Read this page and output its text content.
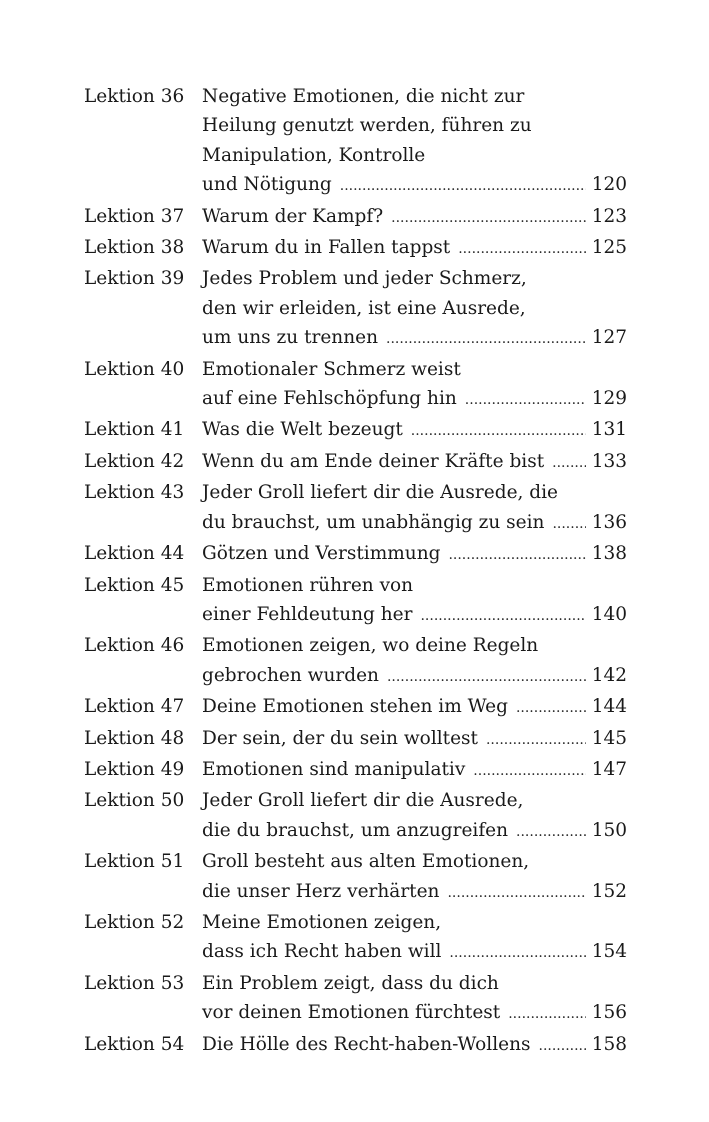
Lektion 36 Negative Emotionen, die nicht zur
Heilung genutzt werden, führen zu
Manipulation, Kontrolle
und Nötigung .....	120
Lektion 37 Warum der Kampf? .....	123
Lektion 38 Warum du in Fallen tappst .....	125
Lektion 39 Jedes Problem und jeder Schmerz,
den wir erleiden, ist eine Ausrede,
um uns zu trennen .....	127
Lektion 40 Emotionaler Schmerz weist
auf eine Fehlschöpfung hin .....	129
Lektion 41 Was die Welt bezeugt .....	131
Lektion 42 Wenn du am Ende deiner Kräfte bist .....	133
Lektion 43 Jeder Groll liefert dir die Ausrede, die
du brauchst, um unabhängig zu sein .....	136
Lektion 44 Götzen und Verstimmung .....	138
Lektion 45 Emotionen rühren von
einer Fehldeutung her .....	140
Lektion 46 Emotionen zeigen, wo deine Regeln
gebrochen wurden .....	142
Lektion 47 Deine Emotionen stehen im Weg .....	144
Lektion 48 Der sein, der du sein wolltest .....	145
Lektion 49 Emotionen sind manipulativ .....	147
Lektion 50 Jeder Groll liefert dir die Ausrede,
die du brauchst, um anzugreifen .....	150
Lektion 51 Groll besteht aus alten Emotionen,
die unser Herz verhärten .....	152
Lektion 52 Meine Emotionen zeigen,
dass ich Recht haben will .....	154
Lektion 53 Ein Problem zeigt, dass du dich
vor deinen Emotionen fürchtest .....	156
Lektion 54 Die Hölle des Recht-haben-Wollens .....	158
